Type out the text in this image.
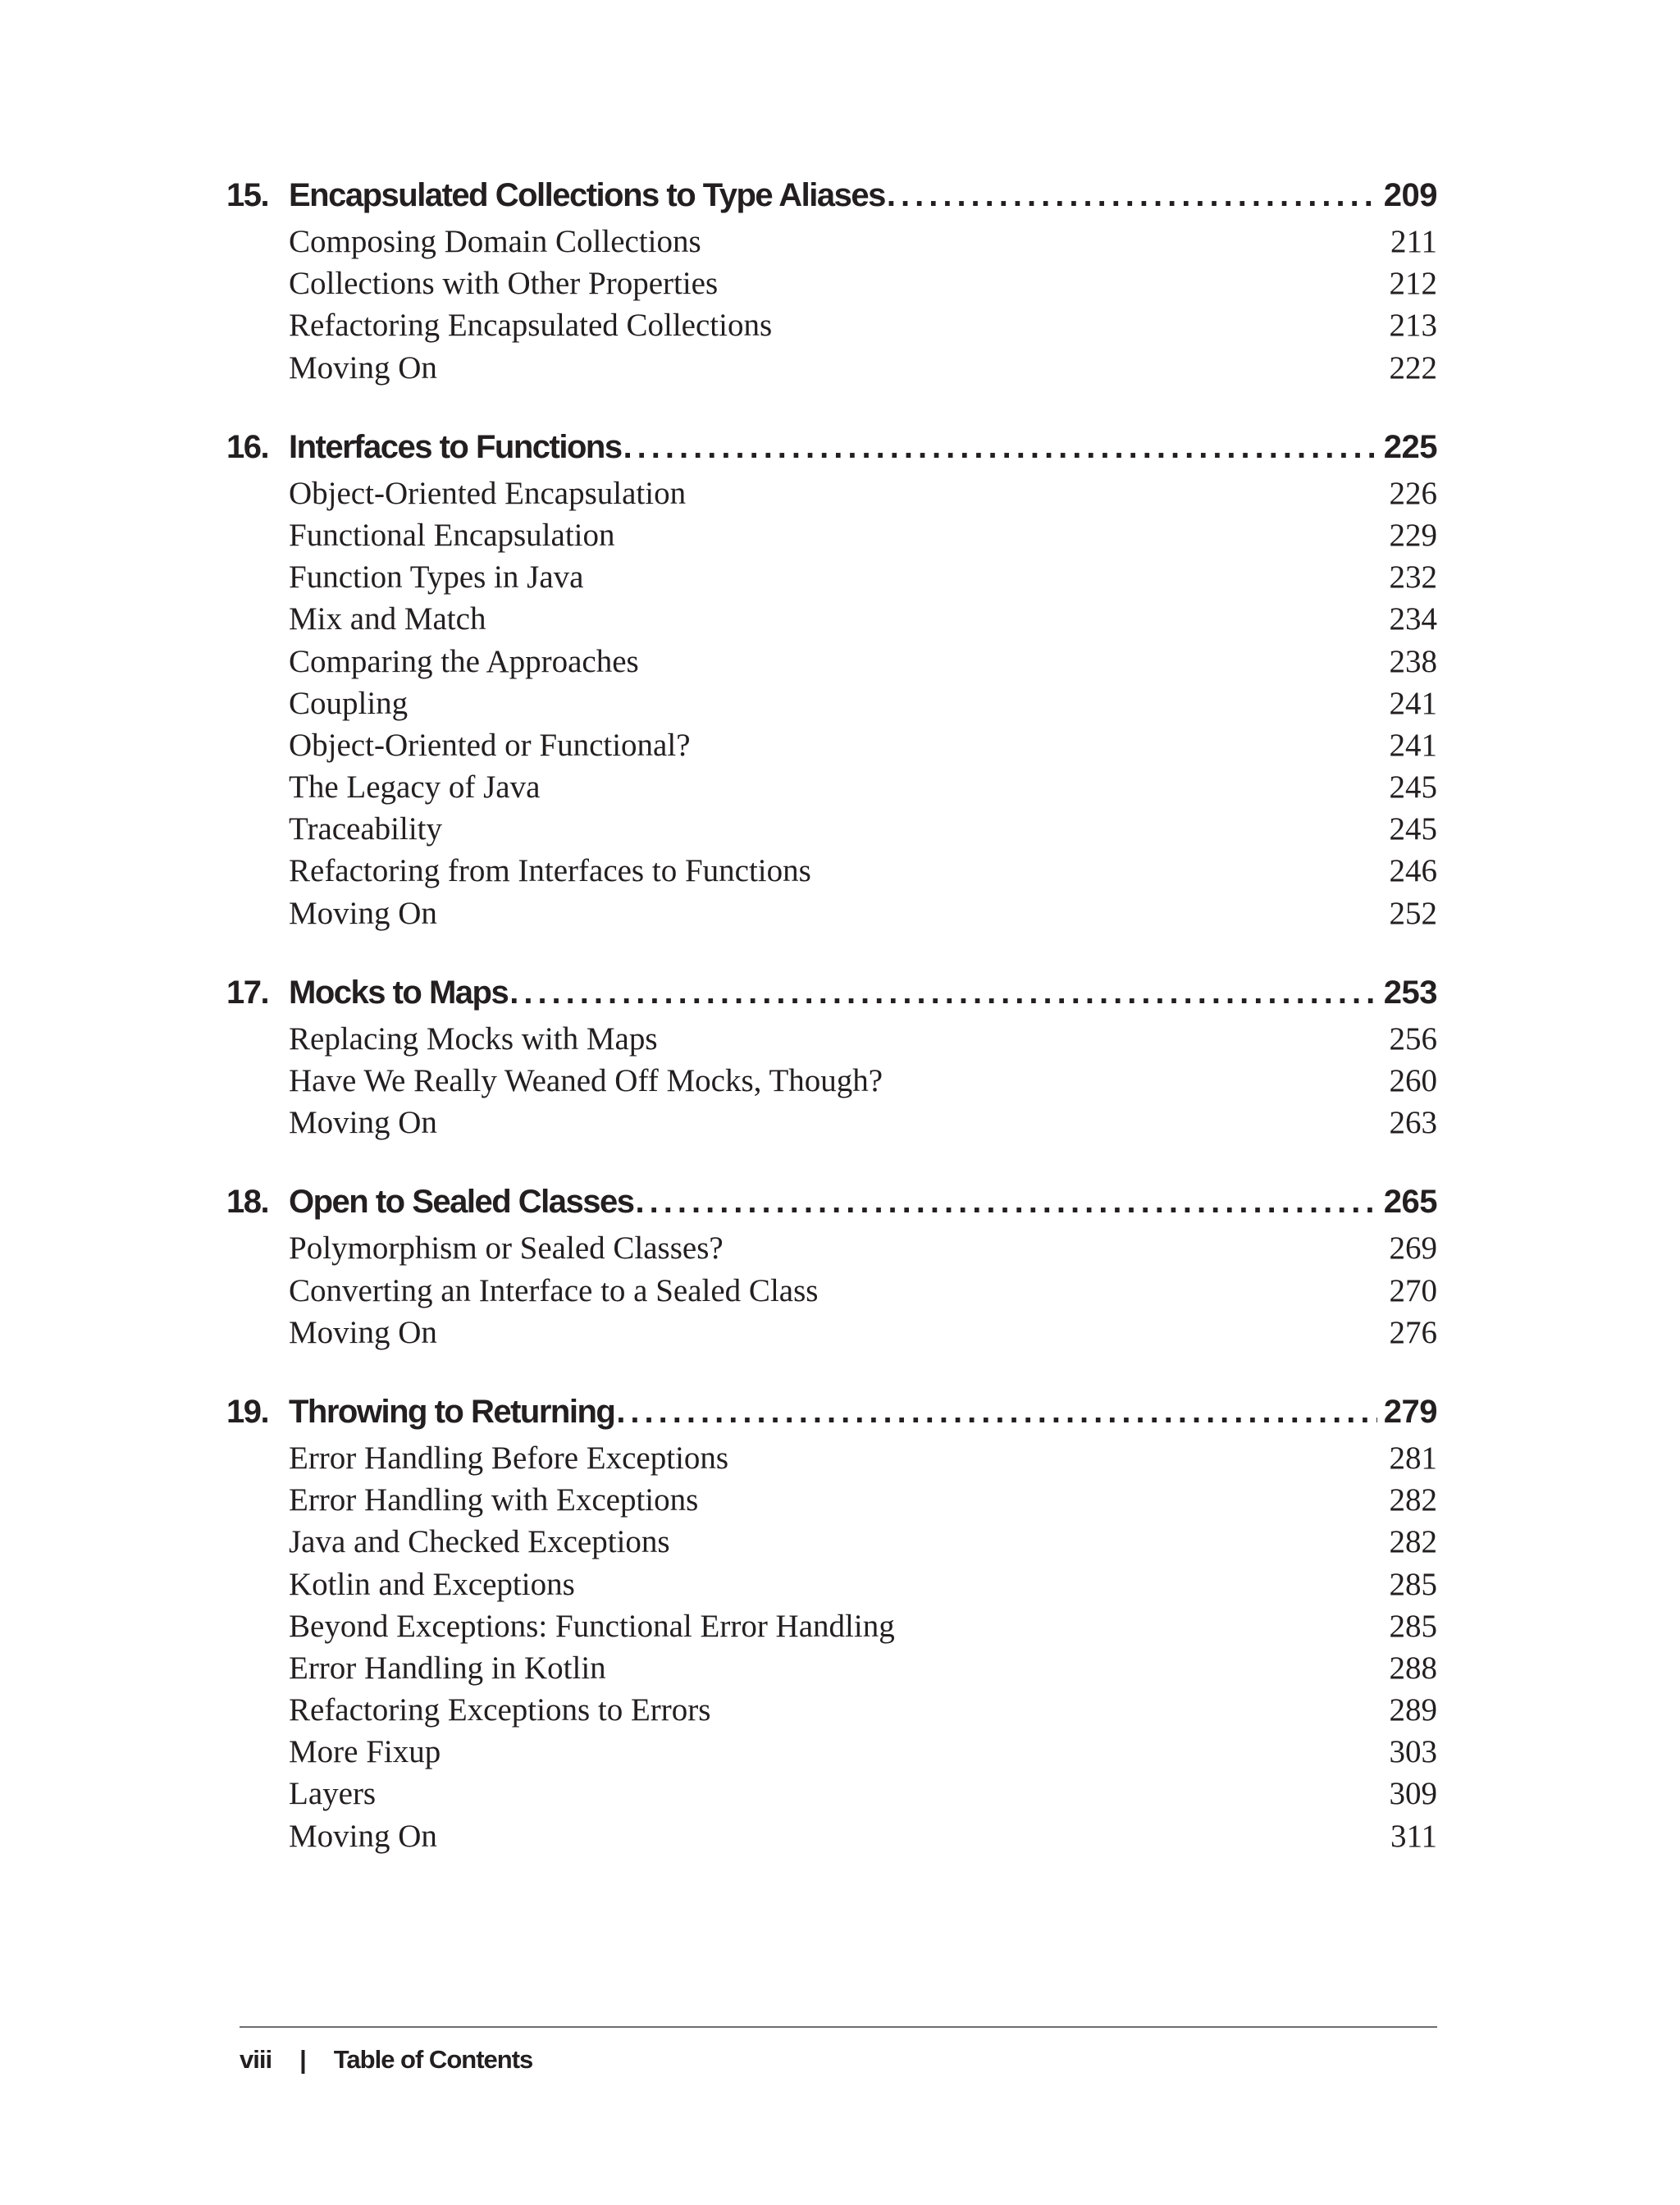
15. Encapsulated Collections to Type Aliases .....	209
Composing Domain Collections	211
Collections with Other Properties	212
Refactoring Encapsulated Collections	213
Moving On	222
16. Interfaces to Functions .....	225
Object-Oriented Encapsulation	226
Functional Encapsulation	229
Function Types in Java	232
Mix and Match	234
Comparing the Approaches	238
Coupling	241
Object-Oriented or Functional?	241
The Legacy of Java	245
Traceability	245
Refactoring from Interfaces to Functions	246
Moving On	252
17. Mocks to Maps .....	253
Replacing Mocks with Maps	256
Have We Really Weaned Off Mocks, Though?	260
Moving On	263
18. Open to Sealed Classes .....	265
Polymorphism or Sealed Classes?	269
Converting an Interface to a Sealed Class	270
Moving On	276
19. Throwing to Returning .....	279
Error Handling Before Exceptions	281
Error Handling with Exceptions	282
Java and Checked Exceptions	282
Kotlin and Exceptions	285
Beyond Exceptions: Functional Error Handling	285
Error Handling in Kotlin	288
Refactoring Exceptions to Errors	289
More Fixup	303
Layers	309
Moving On	311
viii | Table of Contents
